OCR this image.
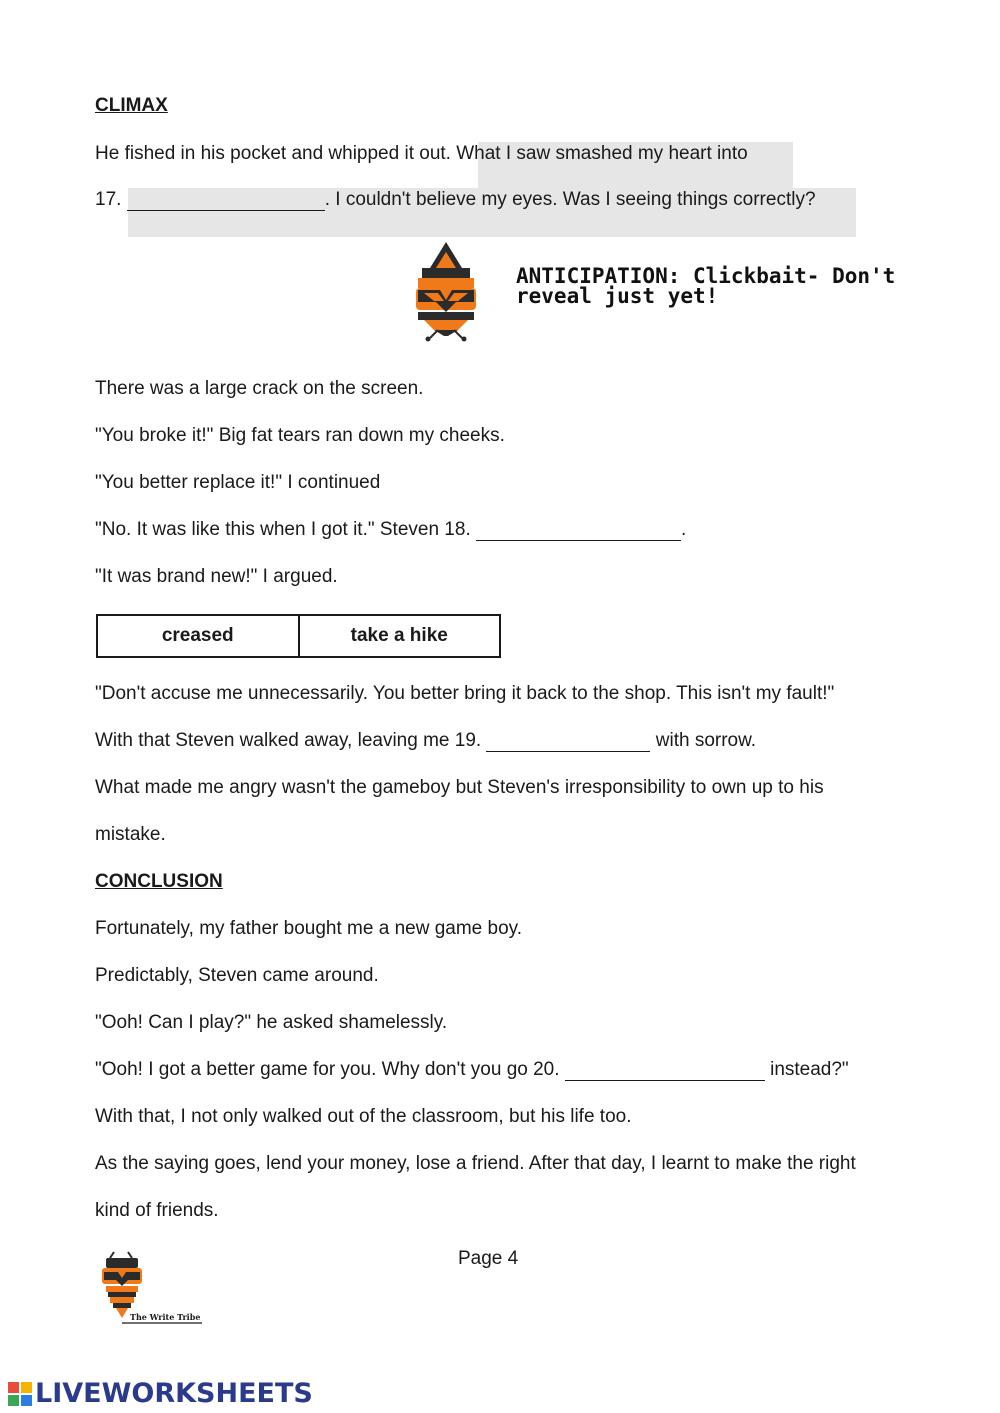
CLIMAX
He fished in his pocket and whipped it out. What I saw smashed my heart into
17.	. I couldn't believe my eyes. Was I seeing things correctly?
ANTICIPATION: Clickbait- Don't reveal just yet!
There was a large crack on the screen.
"You broke it!" Big fat tears ran down my cheeks.
"You better replace it!" I continued
"No. It was like this when I got it." Steven 18.	.
"It was brand new!" I argued.
creased	take a hike
"Don't accuse me unnecessarily. You better bring it back to the shop. This isn't my fault!"
With that Steven walked away, leaving me 19.	with sorrow.
What made me angry wasn't the gameboy but Steven's irresponsibility to own up to his
mistake.
CONCLUSION
Fortunately, my father bought me a new game boy.
Predictably, Steven came around.
"Ooh! Can I play?" he asked shamelessly.
"Ooh! I got a better game for you. Why don't you go 20.	instead?"
With that, I not only walked out of the classroom, but his life too.
As the saying goes, lend your money, lose a friend. After that day, I learnt to make the right
kind of friends.
Page 4
The Write Tribe
LIVEWORKSHEETS
